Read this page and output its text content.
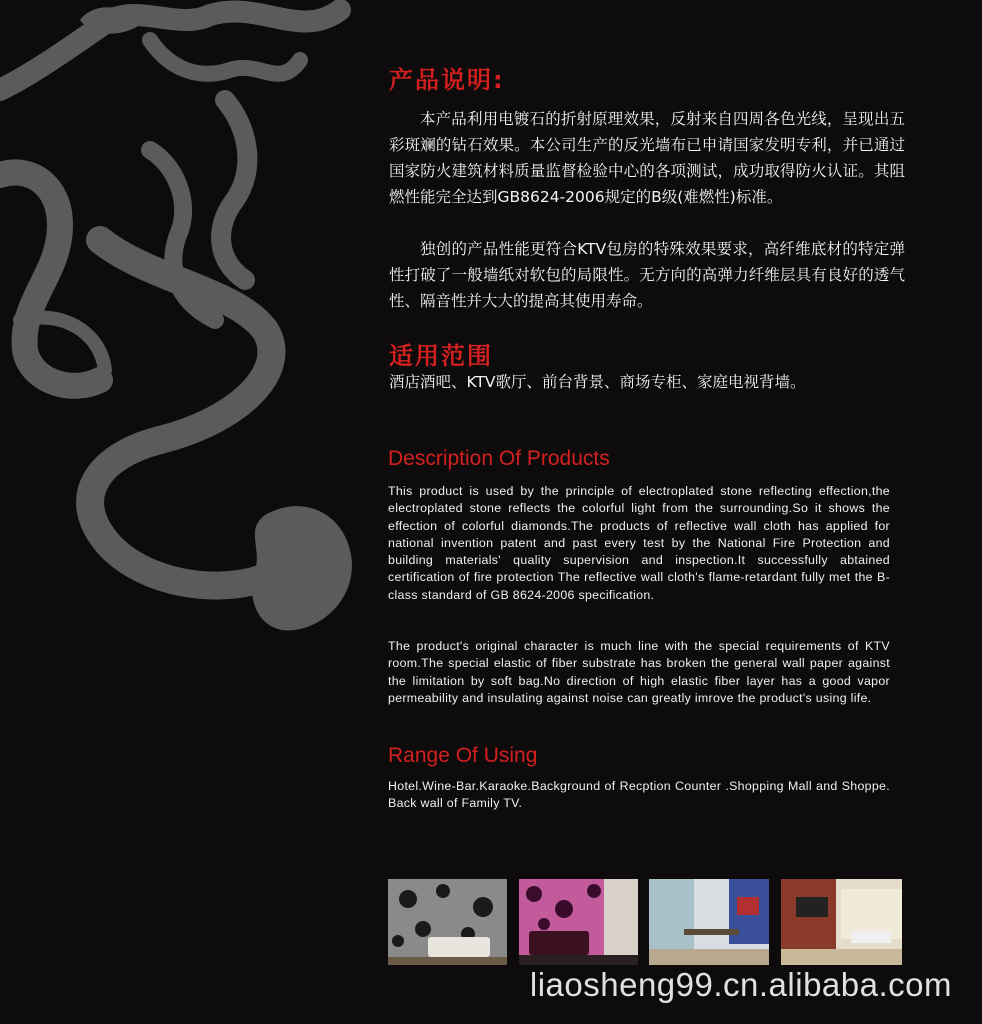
产品说明:

本产品利用电镀石的折射原理效果，反射来自四周各色光线，呈现出五彩斑斓的钻石效果。本公司生产的反光墙布已申请国家发明专利，并已通过国家防火建筑材料质量监督检验中心的各项测试，成功取得防火认证。其阻燃性能完全达到GB8624-2006规定的B级(难燃性)标准。

独创的产品性能更符合KTV包房的特殊效果要求，高纤维底材的特定弹性打破了一般墙纸对软包的局限性。无方向的高弹力纤维层具有良好的透气性、隔音性并大大的提高其使用寿命。

适用范围

酒店酒吧、KTV歌厅、前台背景、商场专柜、家庭电视背墙。

Description Of Products

This product is used by the principle of electroplated stone reflecting effection,the electroplated stone reflects the colorful light from the surrounding.So it shows the effection of colorful diamonds.The products of reflective wall cloth has applied for national invention patent and past every test by the National Fire Protection and building materials' quality supervision and inspection.It successfully abtained certification of fire protection The reflective wall cloth's flame-retardant fully met the B-class standard of GB 8624-2006 specification.

The product's original character is much line with the special requirements of KTV room.The special elastic of fiber substrate has broken the general wall paper against the limitation by soft bag.No direction of high elastic fiber layer has a good vapor permeability and insulating against noise can greatly imrove the product's using life.

Range Of Using

Hotel.Wine-Bar.Karaoke.Background of Recption Counter .Shopping Mall and Shoppe. Back wall of Family TV.

liaosheng99.cn.alibaba.com
